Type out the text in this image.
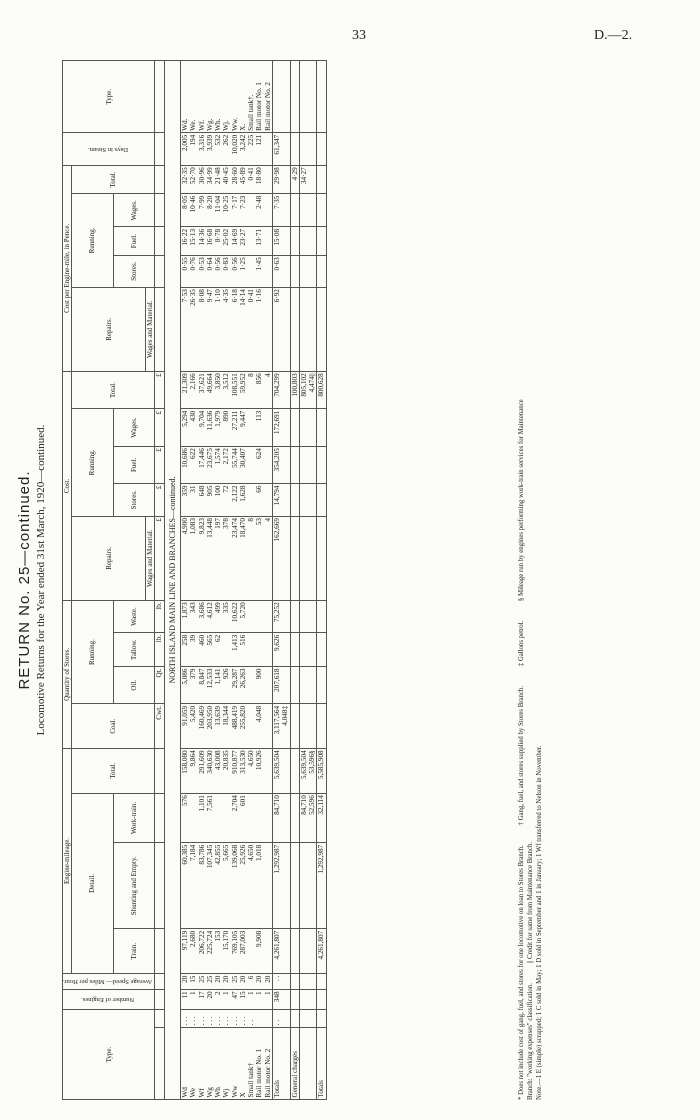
33	D.—2.
RETURN No. 25—continued. Locomotive Returns for the Year ended 31st March, 1920—continued.
Type.		Number of Engines.	Average Speed— Miles per Hour.	Engine-mileage.				Quantity of Stores.				Cost.					Cost per Engine-mile, in Pence.					Days in Steam.	Type.
				Detail.			Total.	Coal.	Running.			Repairs.	Running.			Total.	Repairs.	Running.			Total.		
				Train.	Shunting and Empty.	Work-train.			Oil.	Tallow.	Waste.		Stores.	Fuel.	Wages.			Stores.	Fuel.	Wages.			
												Wages and Material.					Wages and Material.						
								Cwt.	Qt.	lb.	lb.	£	£	£	£	£							
NORTH ISLAND MAIN LINE AND BRANCHES—continued.																							
Wd	. . .	11	20	97,119	60,385	576	158,080	91,059	5,086	258	1,873	4,900	359	10,686	5,294	21,309	7·53	0·55	16·22	8·05	32·35	2,005	Wd.
We	. . .	1	15	2,680	7,184		9,864	5,420	379	39	343	1,083	31	622	430	2,166	26·35	0·76	15·13	10·46	52·70	194	We.
Wf	. . .	17	25	206,722	83,786	1,101	291,609	160,469	8,847	460	3,686	9,823	648	17,446	9,704	37,621	8·08	0·53	14·36	7·99	30·96	3,316	Wf.
Wg	. . .	20	25	225,724	107,345	7,561	340,630	203,950	12,533	565	4,612	13,448	905	23,675	11,636	49,664	9·47	0·64	16·68	8·20	34·99	3,939	Wg.
Wh	. . .	2	20	153	42,855		43,008	13,639	1,141	62	499	197	100	1,574	1,979	3,850	1·10	0·56	8·78	11·04	21·48	532	Wh.
Wj	. . .	1	20	15,170	5,665		20,835	18,344	926		335	378	72	2,172	890	3,512	4·35	0·83	25·02	10·25	40·45	262	Wj.
Ww	. . .	47	25	769,105	139,068	2,704	910,877	488,419	29,287	1,413	10,622	23,474	2,122	55,744	27,211	108,551	6·18	0·56	14·69	7·17	28·60	10,020	Ww.
X	. . .	15	20	287,003	25,926	601	313,530	255,820	26,263	516	5,720	18,470	1,628	30,407	9,447	59,952	14·14	1·25	23·27	7·23	45·89	3,242	X.
Small tank†	. .	1	6		4,650		4,650					8				8	0·41				0·41	225	Small tank†.
Rail motor No. 1		1	20	9,908	1,018		10,926	4,048	900			53	66	624	113	856	1·16	1·45	13·71	2·48	18·80	121	Rail motor No. 1
Rail motor No. 2		1	20									4				4							Rail motor No. 2
Totals	. .	348	. .	4,261,807	1,292,987	84,710	5,639,504	3,117,564	207,618	9,626	75,252	162,669	14,794	354,205	172,691	704,299	6·92	0·63	15·08	7·35	29·98	61,347	
								4,048‡															
General charges																100,803					4·29		
						84,710	5,639,504									805,102					34·27		
						52,596	53,596§									4,474||							
Totals				4,261,807	1,292,987	32,114	5,585,908									800,628							
* Does not include cost of gang, fuel, and stores for one locomotive on loan to Stores Branch. † Gang, fuel, and stores supplied by Stores Branch. ‡ Gallons petrol. § Mileage run by engines performing work-train services for Maintenance
Branch: "working expenses" classification. || Credit for same from Maintenance Branch. Note.—1 E (simple) scrapped; 1 C sold in May; 1 D sold in September and 1 in January; 1 Wf transferred to Nelson in November.
